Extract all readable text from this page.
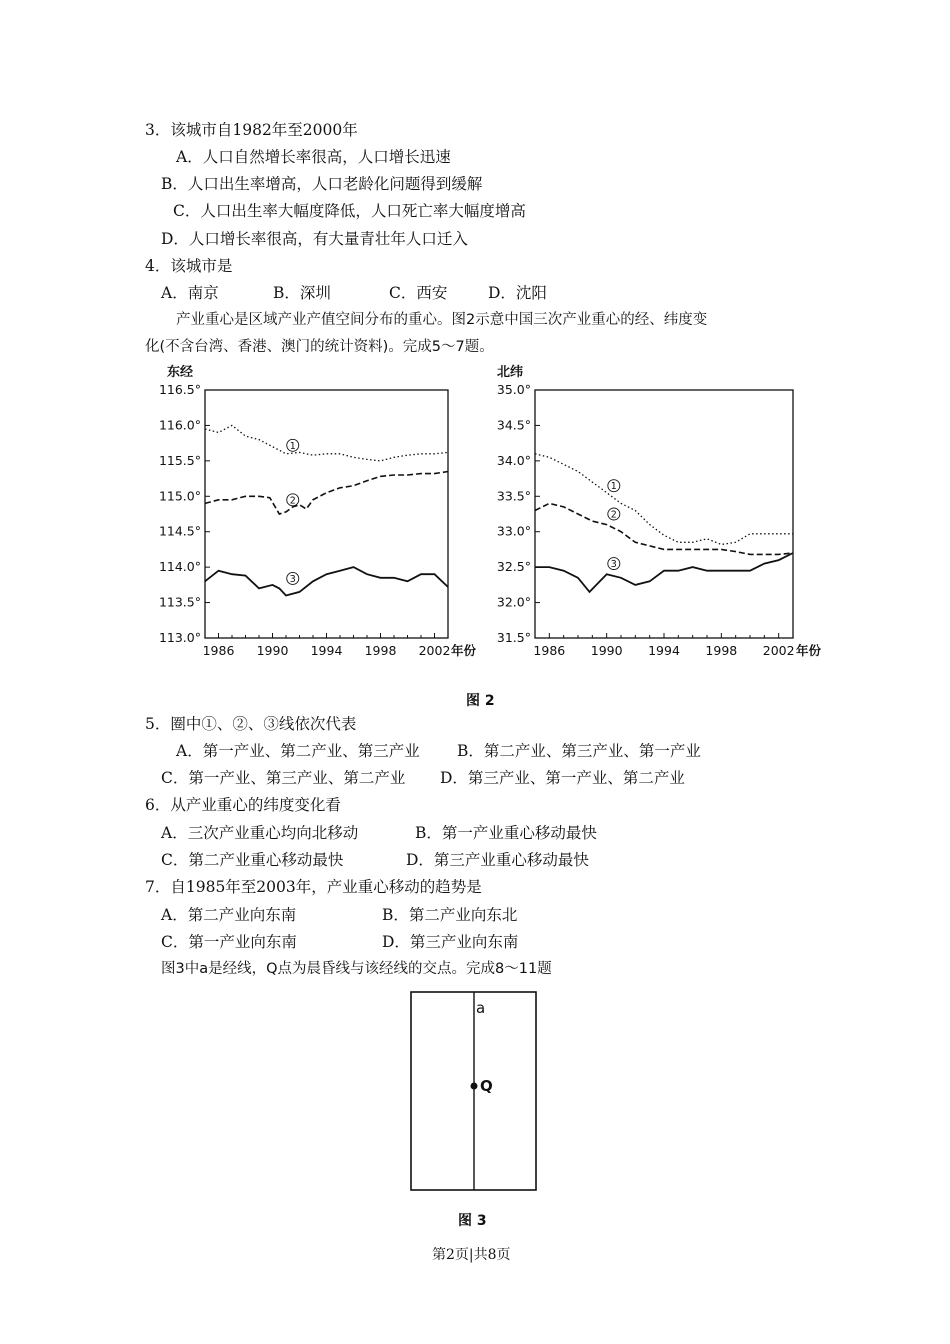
3．该城市自1982年至2000年
A．人口自然增长率很高，人口增长迅速
B．人口出生率增高，人口老龄化问题得到缓解
C．人口出生率大幅度降低，人口死亡率大幅度增高
D．人口增长率很高，有大量青壮年人口迁入
4．该城市是
A．南京	B．深圳	C．西安	D．沈阳
产业重心是区域产业产值空间分布的重心。图2示意中国三次产业重心的经、纬度变
化(不含台湾、香港、澳门的统计资料)。完成5～7题。
东经
116.5°
116.0°
115.5°
115.0°
114.5°
114.0°
113.5°
113.0°
1986 1990 1994 1998 2002 年份
1
2
3
北纬
35.0°
34.5°
34.0°
33.5°
33.0°
32.5°
32.0°
31.5°
1986 1990 1994 1998 2002 年份
1
2
3
图 2
5．圈中①、②、③线依次代表
A．第一产业、第二产业、第三产业 B．第二产业、第三产业、第一产业
C．第一产业、第三产业、第二产业 D．第三产业、第一产业、第二产业
6．从产业重心的纬度变化看
A．三次产业重心均向北移动	B．第一产业重心移动最快
C．第二产业重心移动最快	D．第三产业重心移动最快
7．自1985年至2003年，产业重心移动的趋势是
A．第二产业向东南	B．第二产业向东北
C．第一产业向东南	D．第三产业向东南
图3中a是经线，Q点为晨昏线与该经线的交点。完成8～11题
a
Q
图 3
第2页|共8页
